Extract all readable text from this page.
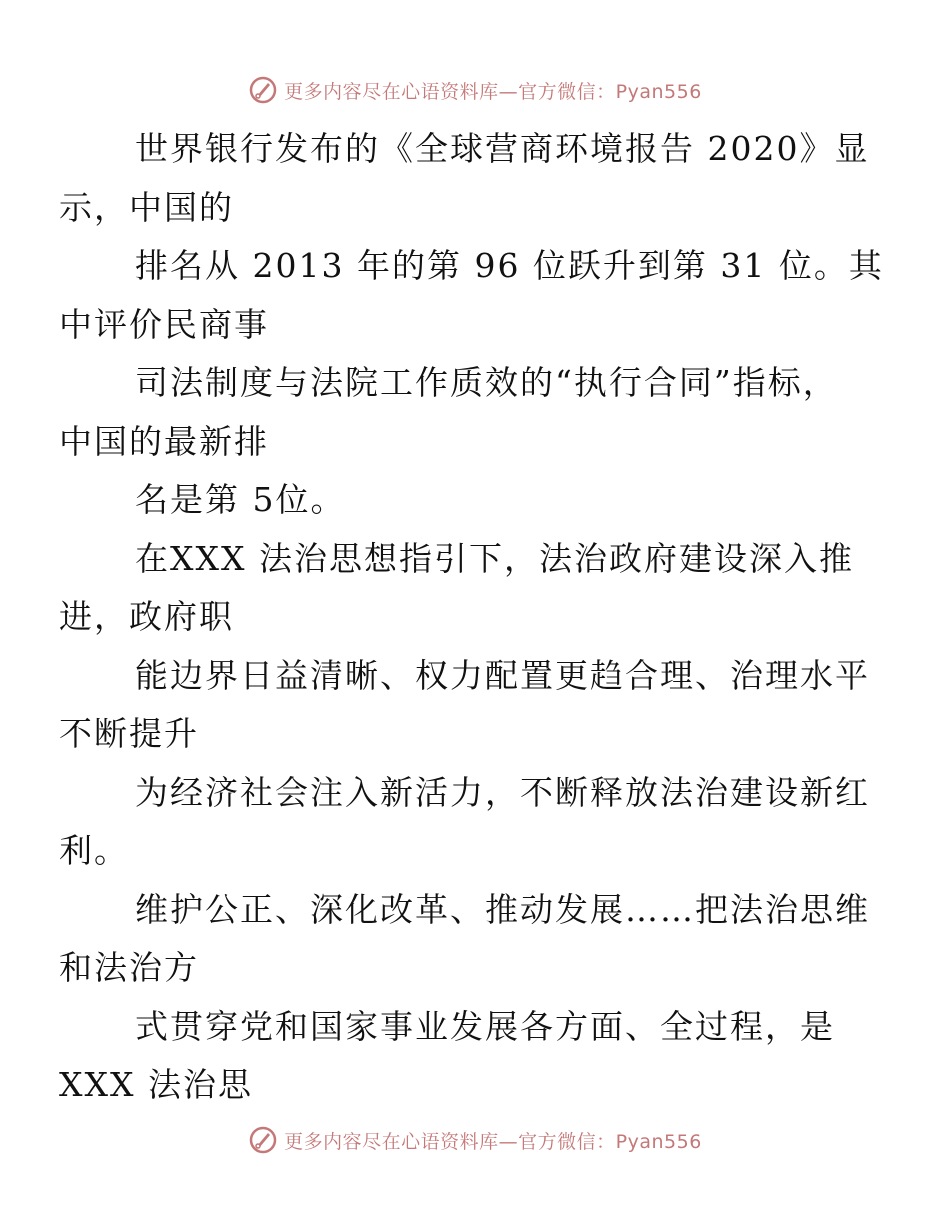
更多内容尽在心语资料库—官方微信：Pyan556

世界银行发布的《全球营商环境报告 2020》显
示，中国的

排名从 2013 年的第 96 位跃升到第 31 位。其
中评价民商事

司法制度与法院工作质效的“执行合同”指标，
中国的最新排

名是第 5位。

在XXX 法治思想指引下，法治政府建设深入推
进，政府职

能边界日益清晰、权力配置更趋合理、治理水平
不断提升

为经济社会注入新活力，不断释放法治建设新红
利。

维护公正、深化改革、推动发展……把法治思维
和法治方

式贯穿党和国家事业发展各方面、全过程，是
XXX 法治思

更多内容尽在心语资料库—官方微信：Pyan556
